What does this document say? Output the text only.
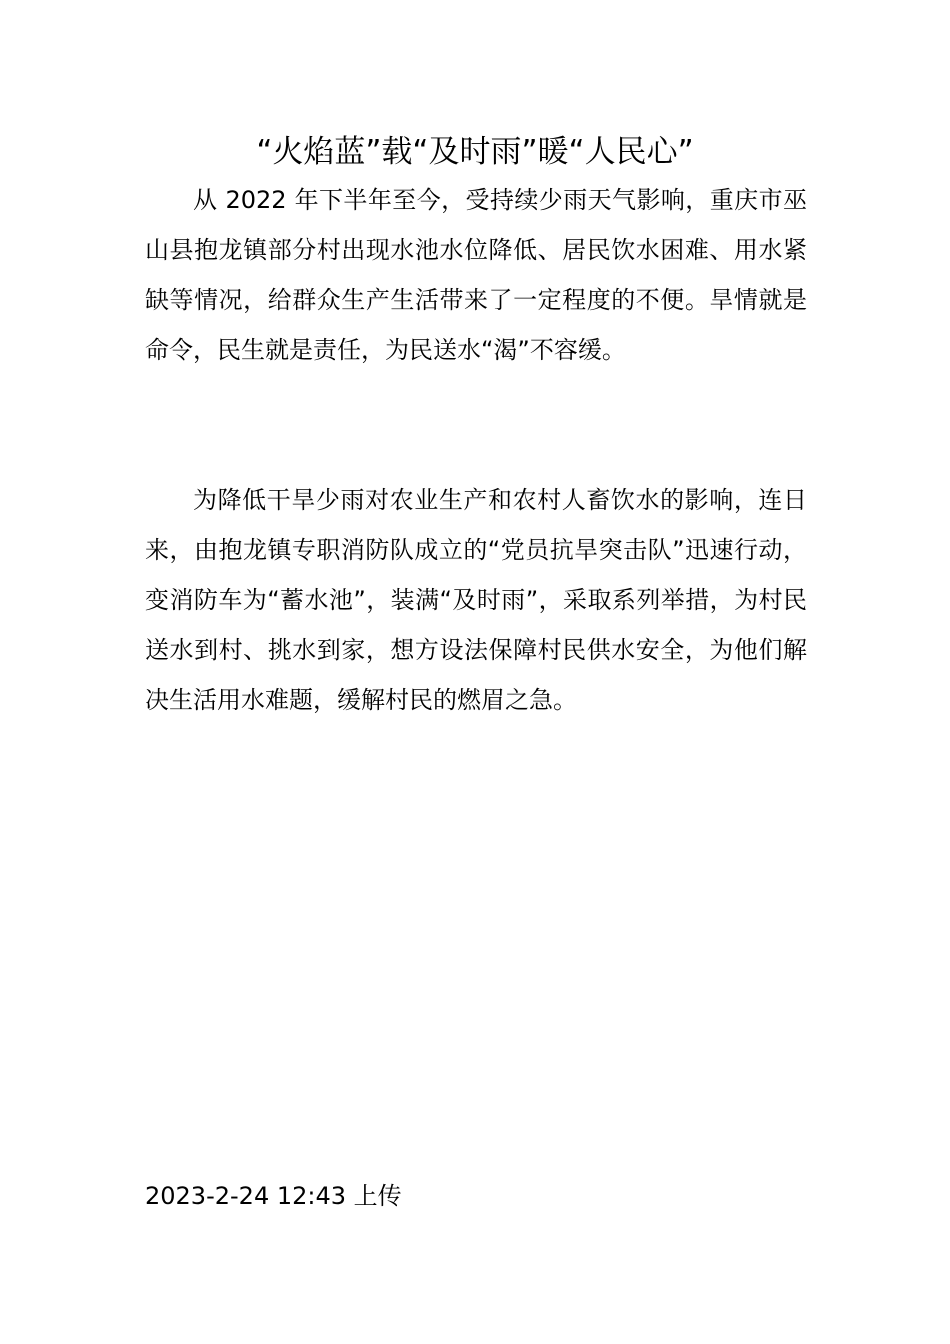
“火焰蓝”载“及时雨”暖“人民心”

从 2022 年下半年至今，受持续少雨天气影响，重庆市巫山县抱龙镇部分村出现水池水位降低、居民饮水困难、用水紧缺等情况，给群众生产生活带来了一定程度的不便。旱情就是命令，民生就是责任，为民送水“渴”不容缓。

为降低干旱少雨对农业生产和农村人畜饮水的影响，连日来，由抱龙镇专职消防队成立的“党员抗旱突击队”迅速行动，变消防车为“蓄水池”，装满“及时雨”，采取系列举措，为村民送水到村、挑水到家，想方设法保障村民供水安全，为他们解决生活用水难题，缓解村民的燃眉之急。

2023-2-24 12:43 上传
